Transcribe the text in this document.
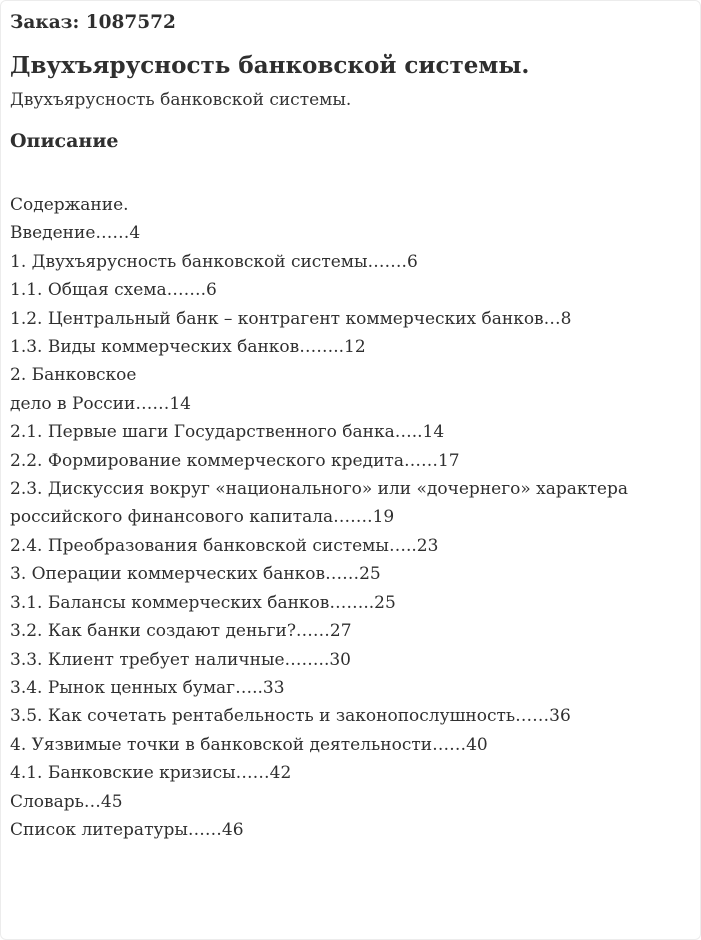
Заказ: 1087572
Двухъярусность банковской системы.

Двухъярусность банковской системы.

Описание
Содержание.
Введение……4
1. Двухъярусность банковской системы…….6
1.1. Общая схема…….6
1.2. Центральный банк – контрагент коммерческих банков…8
1.3. Виды коммерческих банков……..12
2. Банковское
дело в России……14
2.1. Первые шаги Государственного банка…..14
2.2. Формирование коммерческого кредита……17
2.3. Дискуссия вокруг «национального» или «дочернего» характера
российского финансового капитала…….19
2.4. Преобразования банковской системы…..23
3. Операции коммерческих банков……25
3.1. Балансы коммерческих банков……..25
3.2. Как банки создают деньги?……27
3.3. Клиент требует наличные……..30
3.4. Рынок ценных бумаг…..33
3.5. Как сочетать рентабельность и законопослушность……36
4. Уязвимые точки в банковской деятельности……40
4.1. Банковские кризисы……42
Словарь…45
Список литературы……46
